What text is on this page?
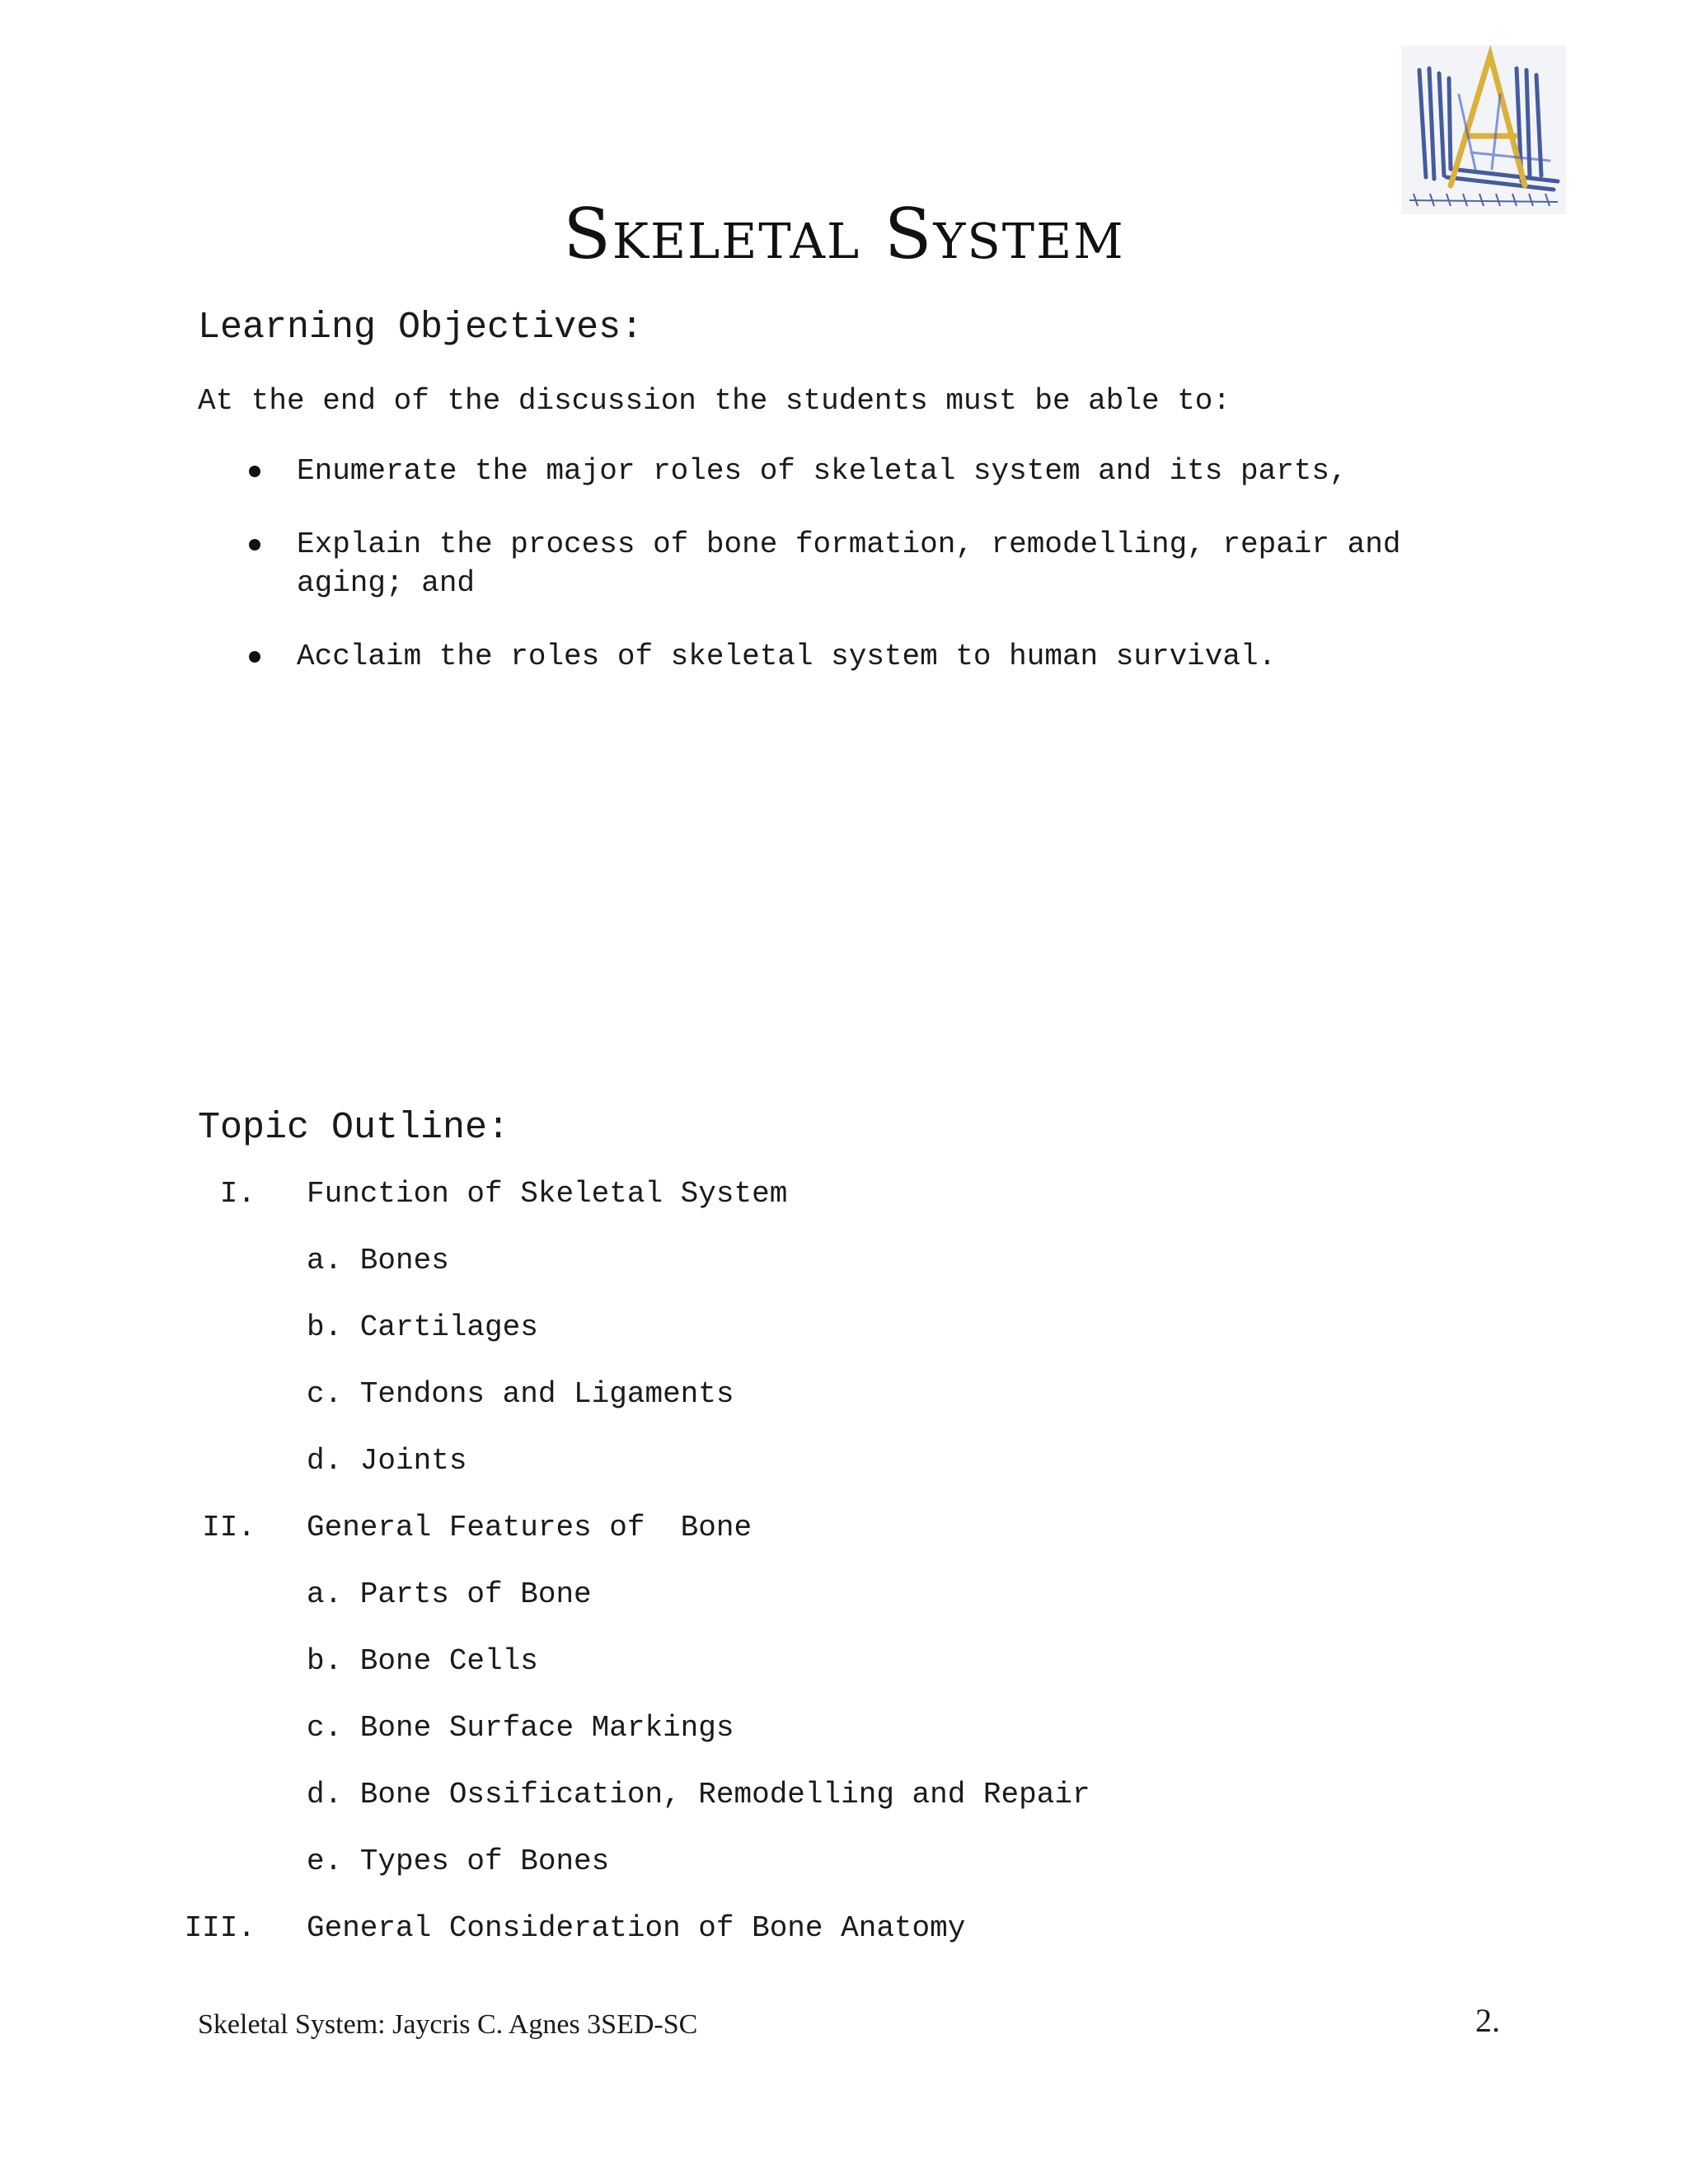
Skeletal System
Learning Objectives:
At the end of the discussion the students must be able to:
Enumerate the major roles of skeletal system and its parts,
Explain the process of bone formation, remodelling, repair and aging; and
Acclaim the roles of skeletal system to human survival.
Topic Outline:
I. Function of Skeletal System
a. Bones
b. Cartilages
c. Tendons and Ligaments
d. Joints
II. General Features of  Bone
a. Parts of Bone
b. Bone Cells
c. Bone Surface Markings
d. Bone Ossification, Remodelling and Repair
e. Types of Bones
III. General Consideration of Bone Anatomy
Skeletal System: Jaycris C. Agnes 3SED-SC	2.
